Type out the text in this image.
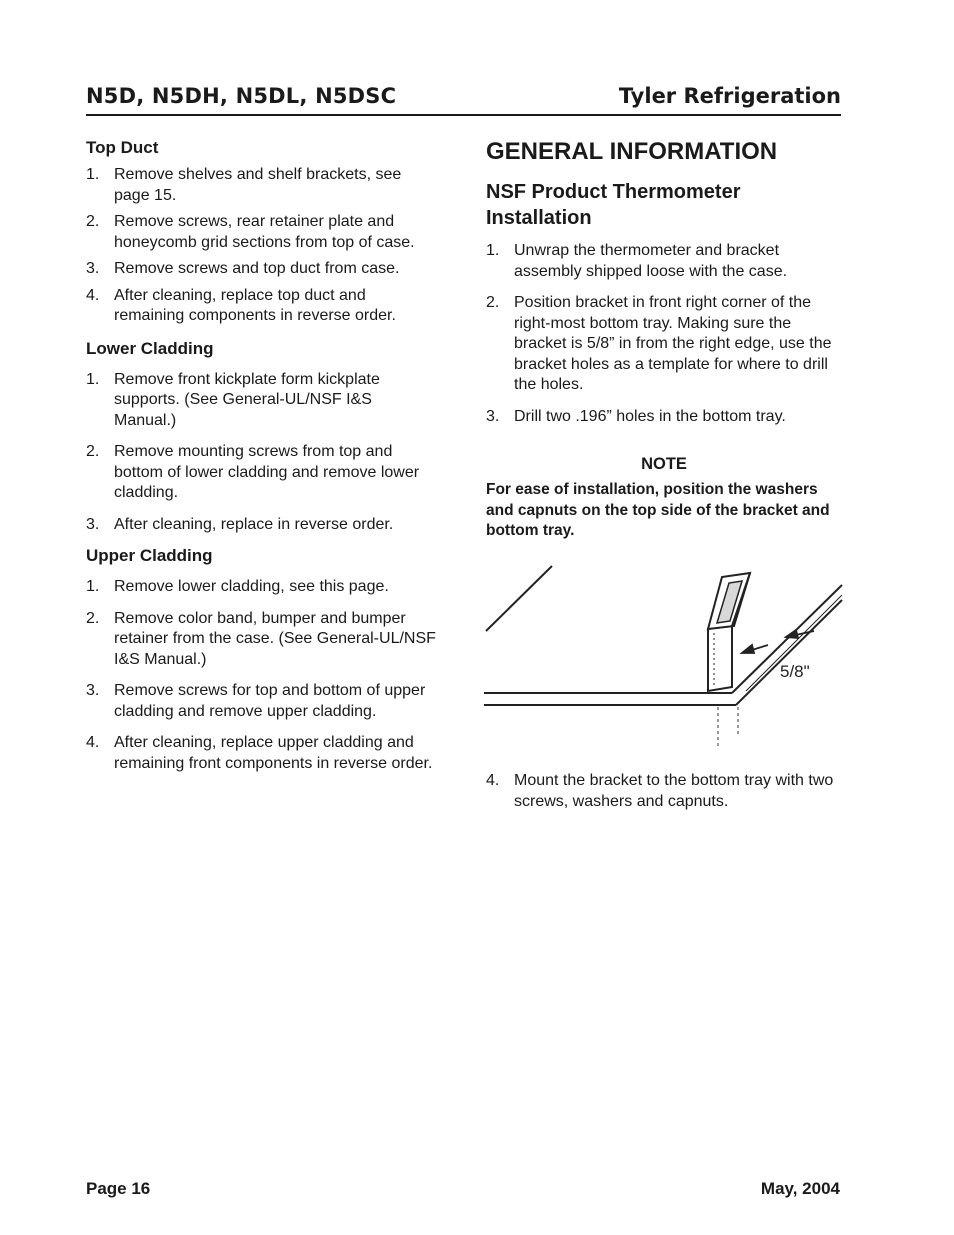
N5D, N5DH, N5DL, N5DSC	Tyler Refrigeration
Top Duct
1. Remove shelves and shelf brackets, see page 15.
2. Remove screws, rear retainer plate and honeycomb grid sections from top of case.
3. Remove screws and top duct from case.
4. After cleaning, replace top duct and remaining components in reverse order.
Lower Cladding
1. Remove front kickplate form kickplate supports. (See General-UL/NSF I&S Manual.)
2. Remove mounting screws from top and bottom of lower cladding and remove lower cladding.
3. After cleaning, replace in reverse order.
Upper Cladding
1. Remove lower cladding, see this page.
2. Remove color band, bumper and bumper retainer from the case. (See General-UL/NSF I&S Manual.)
3. Remove screws for top and bottom of upper cladding and remove upper cladding.
4. After cleaning, replace upper cladding and remaining front components in reverse order.
GENERAL INFORMATION
NSF Product Thermometer Installation
1. Unwrap the thermometer and bracket assembly shipped loose with the case.
2. Position bracket in front right corner of the right-most bottom tray. Making sure the bracket is 5/8” in from the right edge, use the bracket holes as a template for where to drill the holes.
3. Drill two .196” holes in the bottom tray.

NOTE

For ease of installation, position the washers and capnuts on the top side of the bracket and bottom tray.

5/8"
4. Mount the bracket to the bottom tray with two screws, washers and capnuts.
Page 16	May, 2004
